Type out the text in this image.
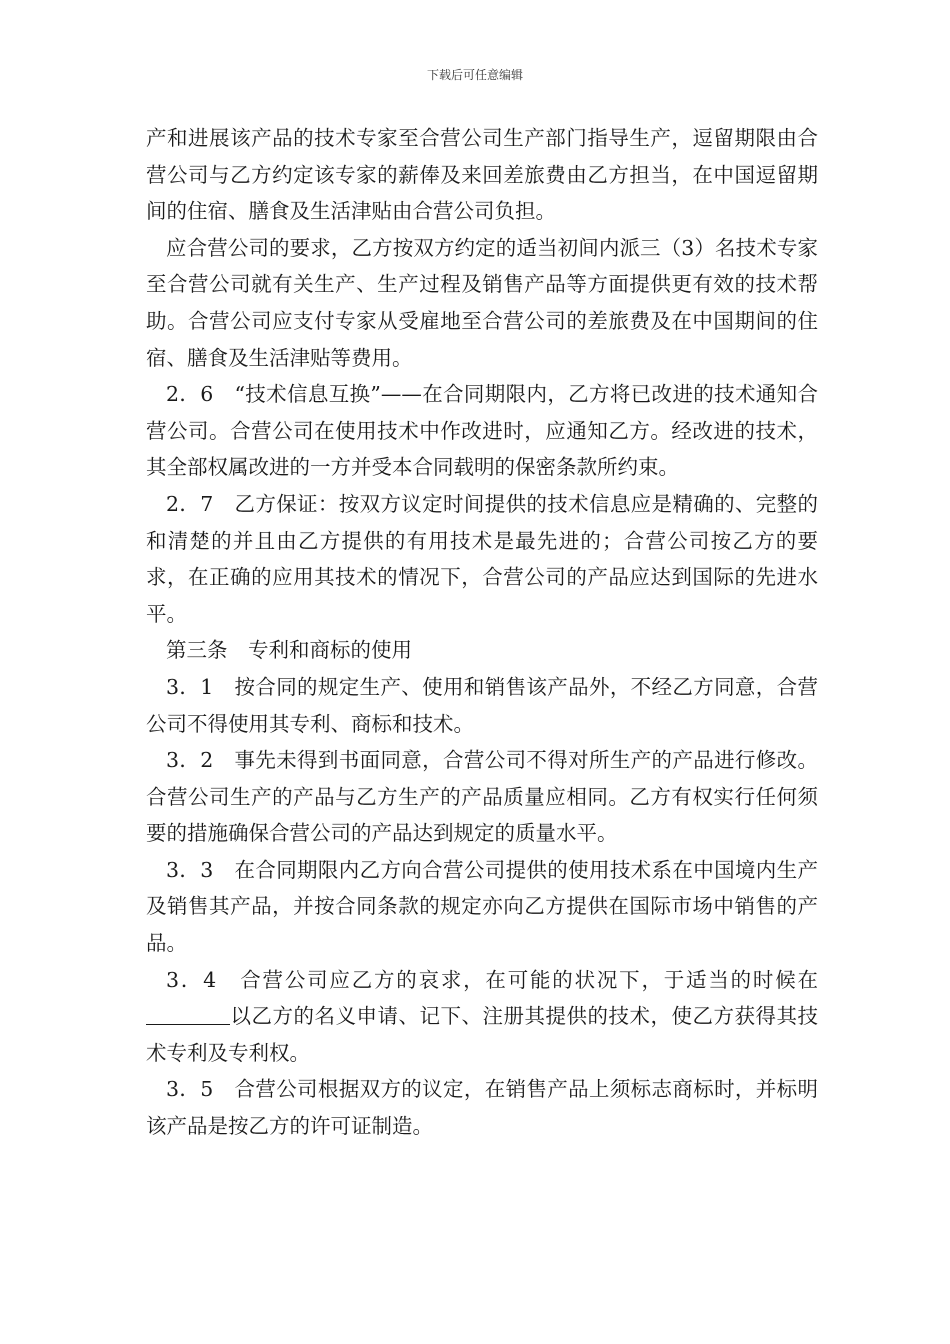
下载后可任意编辑

产和进展该产品的技术专家至合营公司生产部门指导生产，逗留期限由合营公司与乙方约定该专家的薪俸及来回差旅费由乙方担当，在中国逗留期间的住宿、膳食及生活津贴由合营公司负担。

应合营公司的要求，乙方按双方约定的适当初间内派三（3）名技术专家至合营公司就有关生产、生产过程及销售产品等方面提供更有效的技术帮助。合营公司应支付专家从受雇地至合营公司的差旅费及在中国期间的住宿、膳食及生活津贴等费用。

2．6　“技术信息互换”——在合同期限内，乙方将已改进的技术通知合营公司。合营公司在使用技术中作改进时，应通知乙方。经改进的技术，其全部权属改进的一方并受本合同载明的保密条款所约束。

2．7　乙方保证：按双方议定时间提供的技术信息应是精确的、完整的和清楚的并且由乙方提供的有用技术是最先进的；合营公司按乙方的要求，在正确的应用其技术的情况下，合营公司的产品应达到国际的先进水平。

第三条　专利和商标的使用

3．1　按合同的规定生产、使用和销售该产品外，不经乙方同意，合营公司不得使用其专利、商标和技术。

3．2　事先未得到书面同意，合营公司不得对所生产的产品进行修改。合营公司生产的产品与乙方生产的产品质量应相同。乙方有权实行任何须要的措施确保合营公司的产品达到规定的质量水平。

3．3　在合同期限内乙方向合营公司提供的使用技术系在中国境内生产及销售其产品，并按合同条款的规定亦向乙方提供在国际市场中销售的产品。

3．4　合营公司应乙方的哀求，在可能的状况下，于适当的时候在以乙方的名义申请、记下、注册其提供的技术，使乙方获得其技术专利及专利权。

3．5　合营公司根据双方的议定，在销售产品上须标志商标时，并标明该产品是按乙方的许可证制造。
